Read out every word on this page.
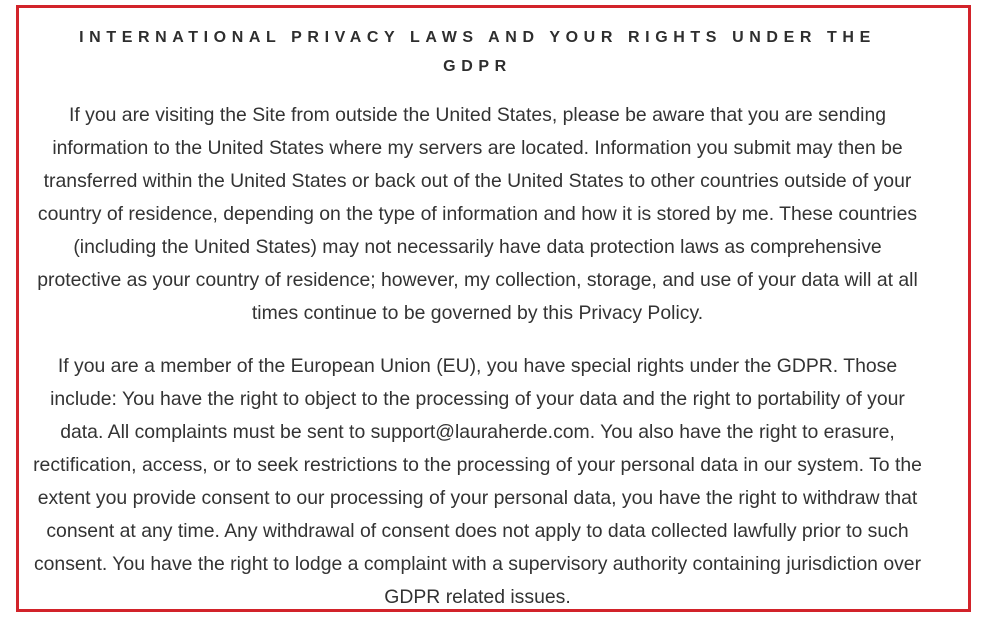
INTERNATIONAL PRIVACY LAWS AND YOUR RIGHTS UNDER THE GDPR

If you are visiting the Site from outside the United States, please be aware that you are sending information to the United States where my servers are located. Information you submit may then be transferred within the United States or back out of the United States to other countries outside of your country of residence, depending on the type of information and how it is stored by me. These countries (including the United States) may not necessarily have data protection laws as comprehensive protective as your country of residence; however, my collection, storage, and use of your data will at all times continue to be governed by this Privacy Policy.

If you are a member of the European Union (EU), you have special rights under the GDPR. Those include: You have the right to object to the processing of your data and the right to portability of your data. All complaints must be sent to support@lauraherde.com. You also have the right to erasure, rectification, access, or to seek restrictions to the processing of your personal data in our system. To the extent you provide consent to our processing of your personal data, you have the right to withdraw that consent at any time. Any withdrawal of consent does not apply to data collected lawfully prior to such consent. You have the right to lodge a complaint with a supervisory authority containing jurisdiction over GDPR related issues.
